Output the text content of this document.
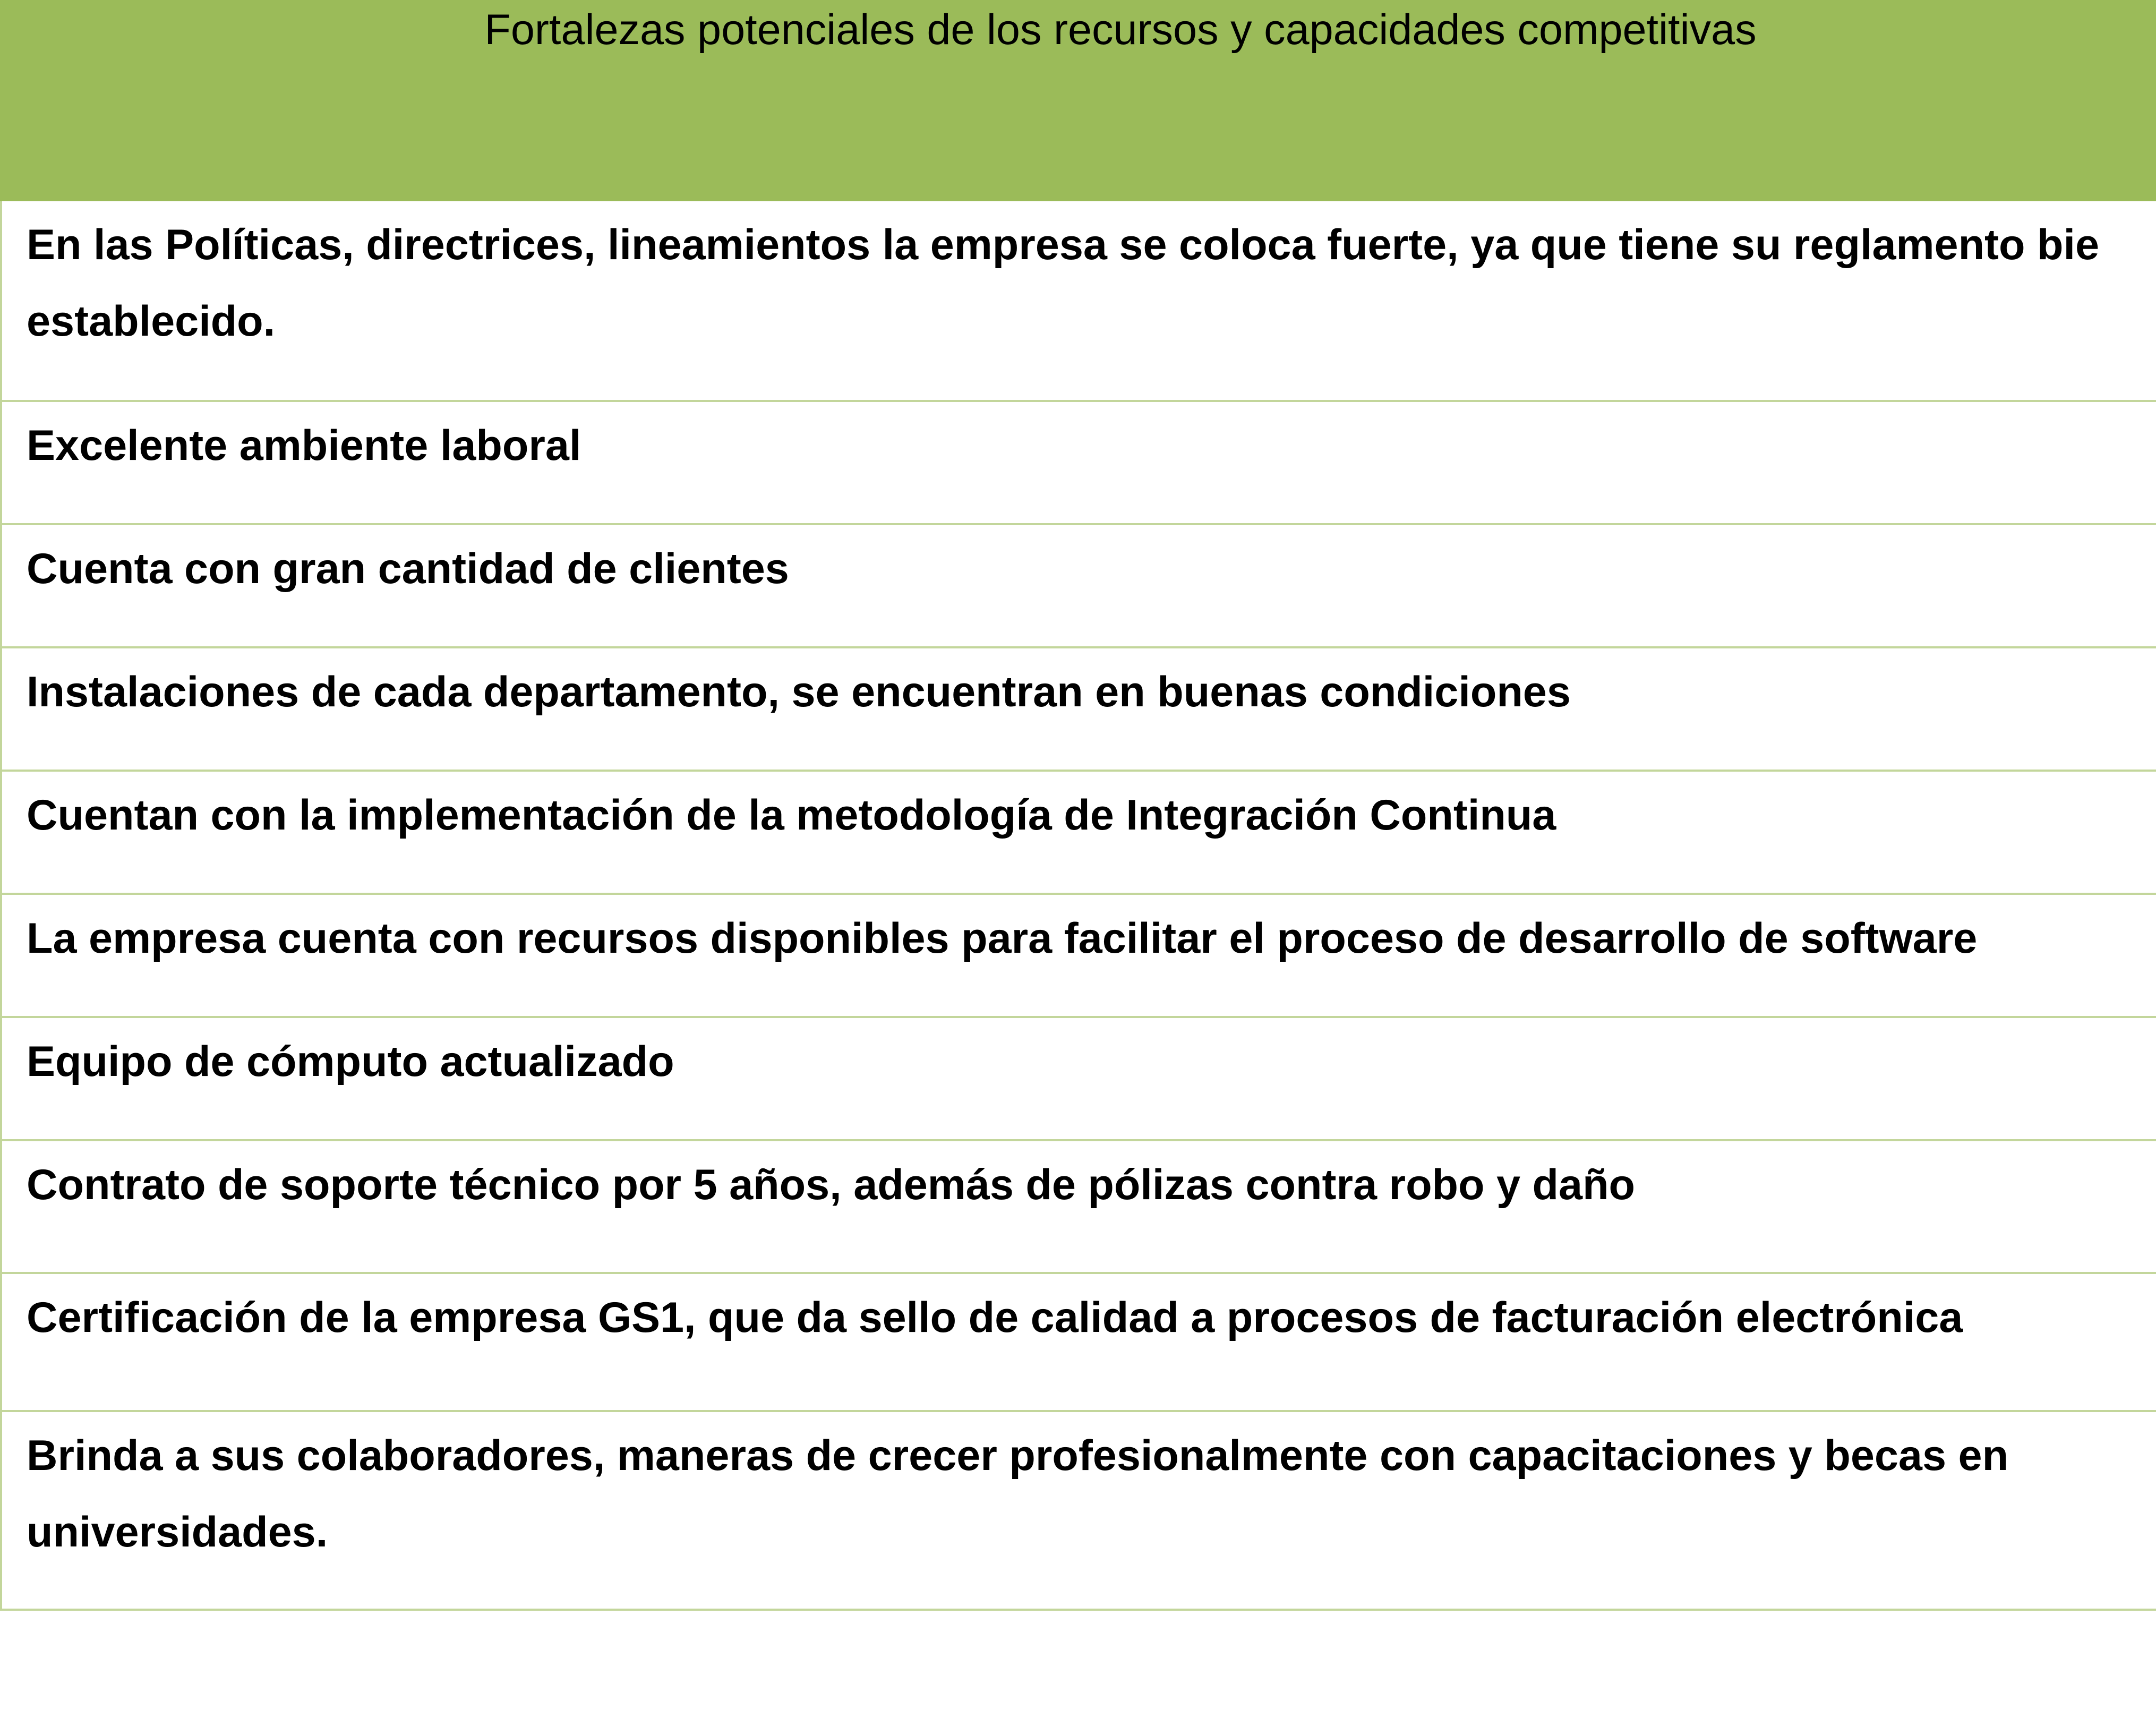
Fortalezas potenciales de los recursos y capacidades competitivas
En las Políticas, directrices, lineamientos la empresa se coloca fuerte, ya que tiene su reglamento bie
establecido.
Excelente ambiente laboral
Cuenta con gran cantidad de clientes
Instalaciones de cada departamento, se encuentran en buenas condiciones
Cuentan con la implementación de la metodología de Integración Continua
La empresa cuenta con recursos disponibles para facilitar el proceso de desarrollo de software
Equipo de cómputo actualizado
Contrato de soporte técnico por 5 años, además de pólizas contra robo y daño
Certificación de la empresa GS1, que da sello de calidad a procesos de facturación electrónica
Brinda a sus colaboradores, maneras de crecer profesionalmente con capacitaciones y becas en
universidades.
